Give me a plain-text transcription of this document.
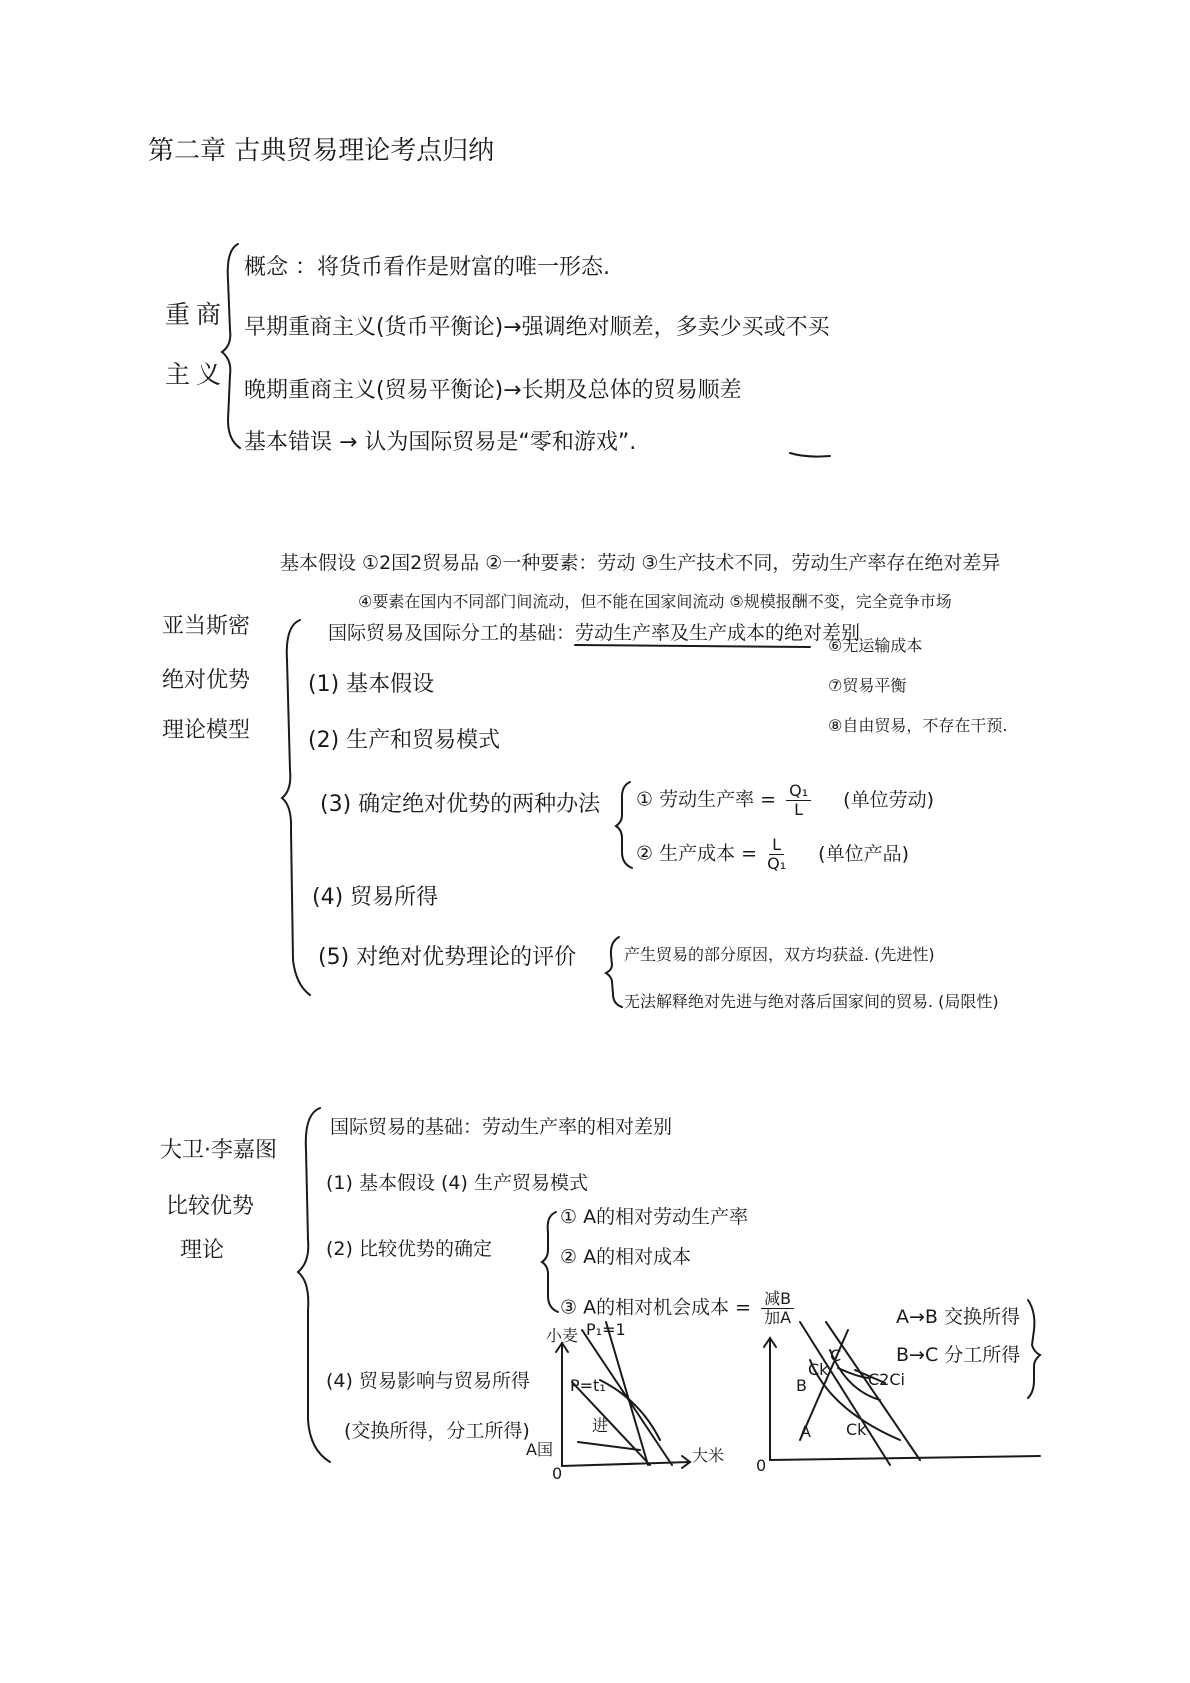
第二章 古典贸易理论考点归纳
重商
主义
概念 ：将货币看作是财富的唯一形态.
早期重商主义(货币平衡论)→强调绝对顺差，多卖少买或不买
晚期重商主义(贸易平衡论)→长期及总体的贸易顺差
基本错误 → 认为国际贸易是“零和游戏”.
基本假设 ①2国2贸易品 ②一种要素：劳动 ③生产技术不同，劳动生产率存在绝对差异
④要素在国内不同部门间流动，但不能在国家间流动 ⑤规模报酬不变，完全竞争市场
亚当斯密
绝对优势
理论模型
国际贸易及国际分工的基础：劳动生产率及生产成本的绝对差别
⑥无运输成本
⑦贸易平衡
⑧自由贸易，不存在干预.
(1) 基本假设
(2) 生产和贸易模式
(3) 确定绝对优势的两种办法 ① 劳动生产率 = $\frac{\text{Q₁}}{L}$ (单位劳动)
② 生产成本 = $\frac{L}{\text{Q₁}}$ (单位产品)
(4) 贸易所得
(5) 对绝对优势理论的评价	产生贸易的部分原因，双方均获益. (先进性)
无法解释绝对先进与绝对落后国家间的贸易. (局限性)
大卫·李嘉图
比较优势
理论
国际贸易的基础：劳动生产率的相对差别
(1) 基本假设 (4) 生产贸易模式
(2) 比较优势的确定
① A的相对劳动生产率
② A的相对成本
③ A的相对机会成本 = $\frac{\text{减B}}{\text{加A}}$
(4) 贸易影响与贸易所得
(交换所得，分工所得)
小麦
大米
A国
0
P₁=1
P=t₁
进
0
A
B
C
Ck
Ck
C2Ci
A→B 交换所得
B→C 分工所得
